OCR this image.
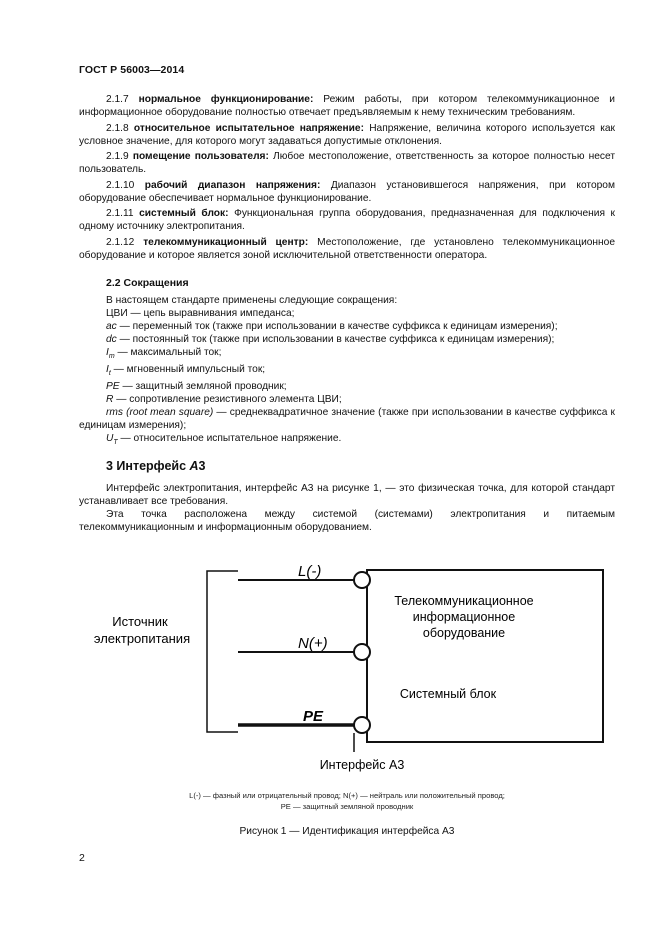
ГОСТ Р 56003—2014

2.1.7 нормальное функционирование: Режим работы, при котором телекоммуникационное и информационное оборудование полностью отвечает предъявляемым к нему техническим требованиям.

2.1.8 относительное испытательное напряжение: Напряжение, величина которого используется как условное значение, для которого могут задаваться допустимые отклонения.

2.1.9 помещение пользователя: Любое местоположение, ответственность за которое полностью несет пользователь.

2.1.10 рабочий диапазон напряжения: Диапазон установившегося напряжения, при котором оборудование обеспечивает нормальное функционирование.

2.1.11 системный блок: Функциональная группа оборудования, предназначенная для подключения к одному источнику электропитания.

2.1.12 телекоммуникационный центр: Местоположение, где установлено телекоммуникационное оборудование и которое является зоной исключительной ответственности оператора.

2.2 Сокращения

В настоящем стандарте применены следующие сокращения:

ЦВИ — цепь выравнивания импеданса;

ac — переменный ток (также при использовании в качестве суффикса к единицам измерения);

dc — постоянный ток (также при использовании в качестве суффикса к единицам измерения);

$I_m$ — максимальный ток;

$I_t$ — мгновенный импульсный ток;

PE — защитный земляной проводник;

R — сопротивление резистивного элемента ЦВИ;

rms (root mean square) — среднеквадратичное значение (также при использовании в качестве суффикса к единицам измерения);

$U_T$ — относительное испытательное напряжение.

3 Интерфейс А3

Интерфейс электропитания, интерфейс А3 на рисунке 1, — это физическая точка, для которой стандарт устанавливает все требования.

Эта точка расположена между системой (системами) электропитания и питаемым телекоммуникационным и информационным оборудованием.

Источник
электропитания
L(-)
N(+)
PE
Телекоммуникационное
информационное
оборудование
Системный блок
Интерфейс А3
L(-) — фазный или отрицательный провод; N(+) — нейтраль или положительный провод;
PE — защитный земляной проводник
Рисунок 1 — Идентификация интерфейса А3
2
